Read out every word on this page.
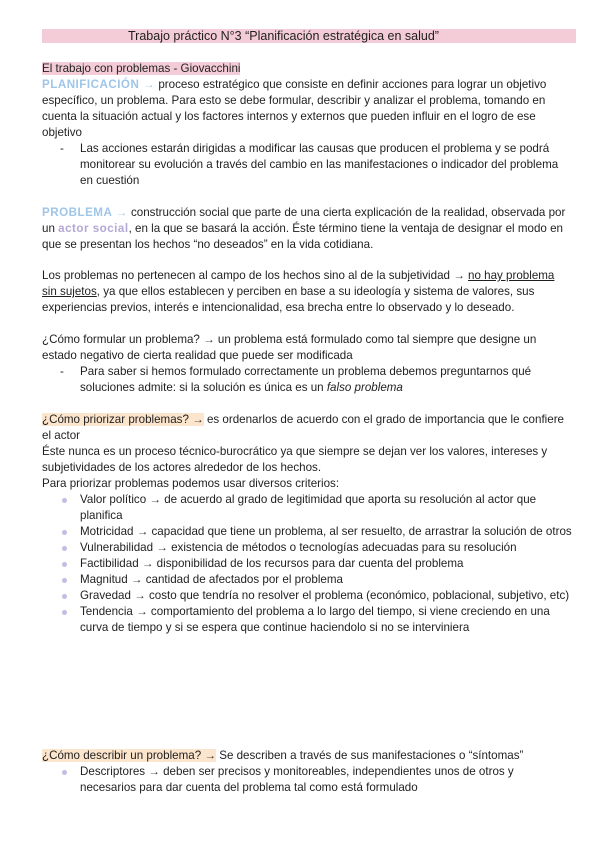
Trabajo práctico N°3 “Planificación estratégica en salud”
El trabajo con problemas - Giovacchini
PLANIFICACIÓN → proceso estratégico que consiste en definir acciones para lograr un objetivo específico, un problema. Para esto se debe formular, describir y analizar el problema, tomando en cuenta la situación actual y los factores internos y externos que pueden influir en el logro de ese objetivo
- Las acciones estarán dirigidas a modificar las causas que producen el problema y se podrá monitorear su evolución a través del cambio en las manifestaciones o indicador del problema en cuestión
PROBLEMA → construcción social que parte de una cierta explicación de la realidad, observada por un actor social, en la que se basará la acción. Éste término tiene la ventaja de designar el modo en que se presentan los hechos “no deseados” en la vida cotidiana.
Los problemas no pertenecen al campo de los hechos sino al de la subjetividad → no hay problema sin sujetos, ya que ellos establecen y perciben en base a su ideología y sistema de valores, sus experiencias previos, interés e intencionalidad, esa brecha entre lo observado y lo deseado.
¿Cómo formular un problema? → un problema está formulado como tal siempre que designe un estado negativo de cierta realidad que puede ser modificada
- Para saber si hemos formulado correctamente un problema debemos preguntarnos qué soluciones admite: si la solución es única es un falso problema
¿Cómo priorizar problemas? → es ordenarlos de acuerdo con el grado de importancia que le confiere el actor
Éste nunca es un proceso técnico-burocrático ya que siempre se dejan ver los valores, intereses y subjetividades de los actores alrededor de los hechos.
Para priorizar problemas podemos usar diversos criterios:
Valor político → de acuerdo al grado de legitimidad que aporta su resolución al actor que planifica
Motricidad → capacidad que tiene un problema, al ser resuelto, de arrastrar la solución de otros
Vulnerabilidad → existencia de métodos o tecnologías adecuadas para su resolución
Factibilidad → disponibilidad de los recursos para dar cuenta del problema
Magnitud → cantidad de afectados por el problema
Gravedad → costo que tendría no resolver el problema (económico, poblacional, subjetivo, etc)
Tendencia → comportamiento del problema a lo largo del tiempo, si viene creciendo en una curva de tiempo y si se espera que continue haciendolo si no se interviniera
¿Cómo describir un problema? → Se describen a través de sus manifestaciones o “síntomas”
Descriptores → deben ser precisos y monitoreables, independientes unos de otros y necesarios para dar cuenta del problema tal como está formulado
